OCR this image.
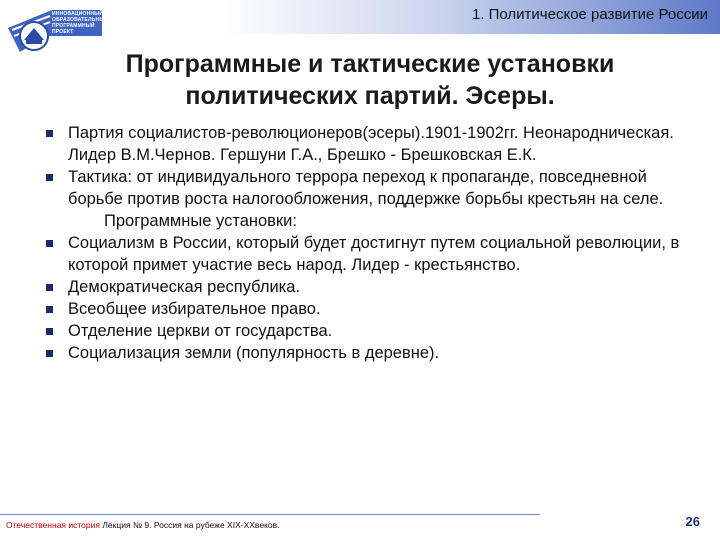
ИННОВАЦИОННЫЙ ОБРАЗОВАТЕЛЬНЫЙ ПРОГРАММНЫЙ ПРОЕКТ
1. Политическое развитие России
Программные и тактические установки политических партий. Эсеры.
Партия социалистов-революционеров(эсеры).1901-1902гг. Неонародническая. Лидер В.М.Чернов. Гершуни Г.А., Брешко - Брешковская Е.К.
Тактика: от индивидуального террора переход к пропаганде, повседневной борьбе против роста налогообложения, поддержке борьбы крестьян на селе.
Программные установки:
Социализм в России, который будет достигнут путем социальной революции, в которой примет участие весь народ. Лидер - крестьянство.
Демократическая республика.
Всеобщее избирательное право.
Отделение церкви от государства.
Социализация земли (популярность в деревне).
Отечественная история Лекция № 9. Россия на рубеже XIX-XXвеков.	26
